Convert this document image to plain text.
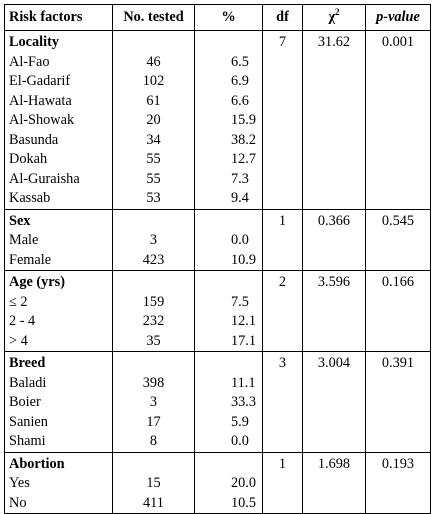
Risk factors	No. tested	%	df	$\chi^2$	p-value
Locality			7	31.62	0.001
Al-Fao	46	6.5			
El-Gadarif	102	6.9			
Al-Hawata	61	6.6			
Al-Showak	20	15.9			
Basunda	34	38.2			
Dokah	55	12.7			
Al-Guraisha	55	7.3			
Kassab	53	9.4			
Sex			1	0.366	0.545
Male	3	0.0			
Female	423	10.9			
Age (yrs)			2	3.596	0.166
≤ 2	159	7.5			
2 - 4	232	12.1			
> 4	35	17.1			
Breed			3	3.004	0.391
Baladi	398	11.1			
Boier	3	33.3			
Sanien	17	5.9			
Shami	8	0.0			
Abortion			1	1.698	0.193
Yes	15	20.0			
No	411	10.5			
